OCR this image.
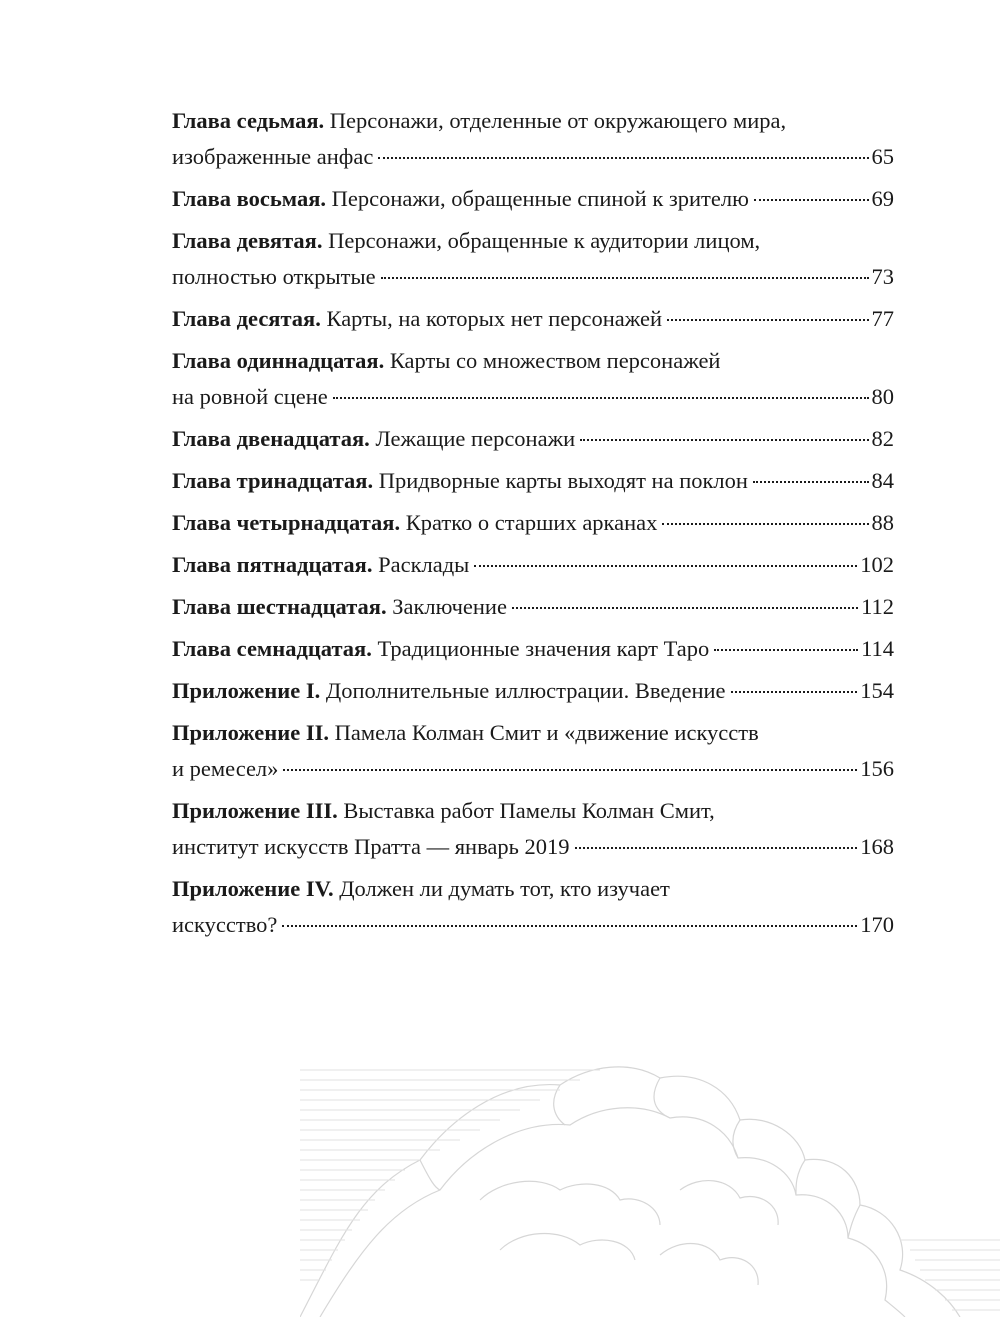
Глава седьмая. Персонажи, отделенные от окружающего мира,
изображенные анфас	65
Глава восьмая. Персонажи, обращенные спиной к зрителю	69
Глава девятая. Персонажи, обращенные к аудитории лицом,
полностью открытые	73
Глава десятая. Карты, на которых нет персонажей	77
Глава одиннадцатая. Карты со множеством персонажей
на ровной сцене	80
Глава двенадцатая. Лежащие персонажи	82
Глава тринадцатая. Придворные карты выходят на поклон	84
Глава четырнадцатая. Кратко о старших арканах	88
Глава пятнадцатая. Расклады	102
Глава шестнадцатая. Заключение	112
Глава семнадцатая. Традиционные значения карт Таро	114
Приложение I. Дополнительные иллюстрации. Введение	154
Приложение II. Памела Колман Смит и «движение искусств
и ремесел»	156
Приложение III. Выставка работ Памелы Колман Смит,
институт искусств Пратта — январь 2019	168
Приложение IV. Должен ли думать тот, кто изучает
искусство?	170
